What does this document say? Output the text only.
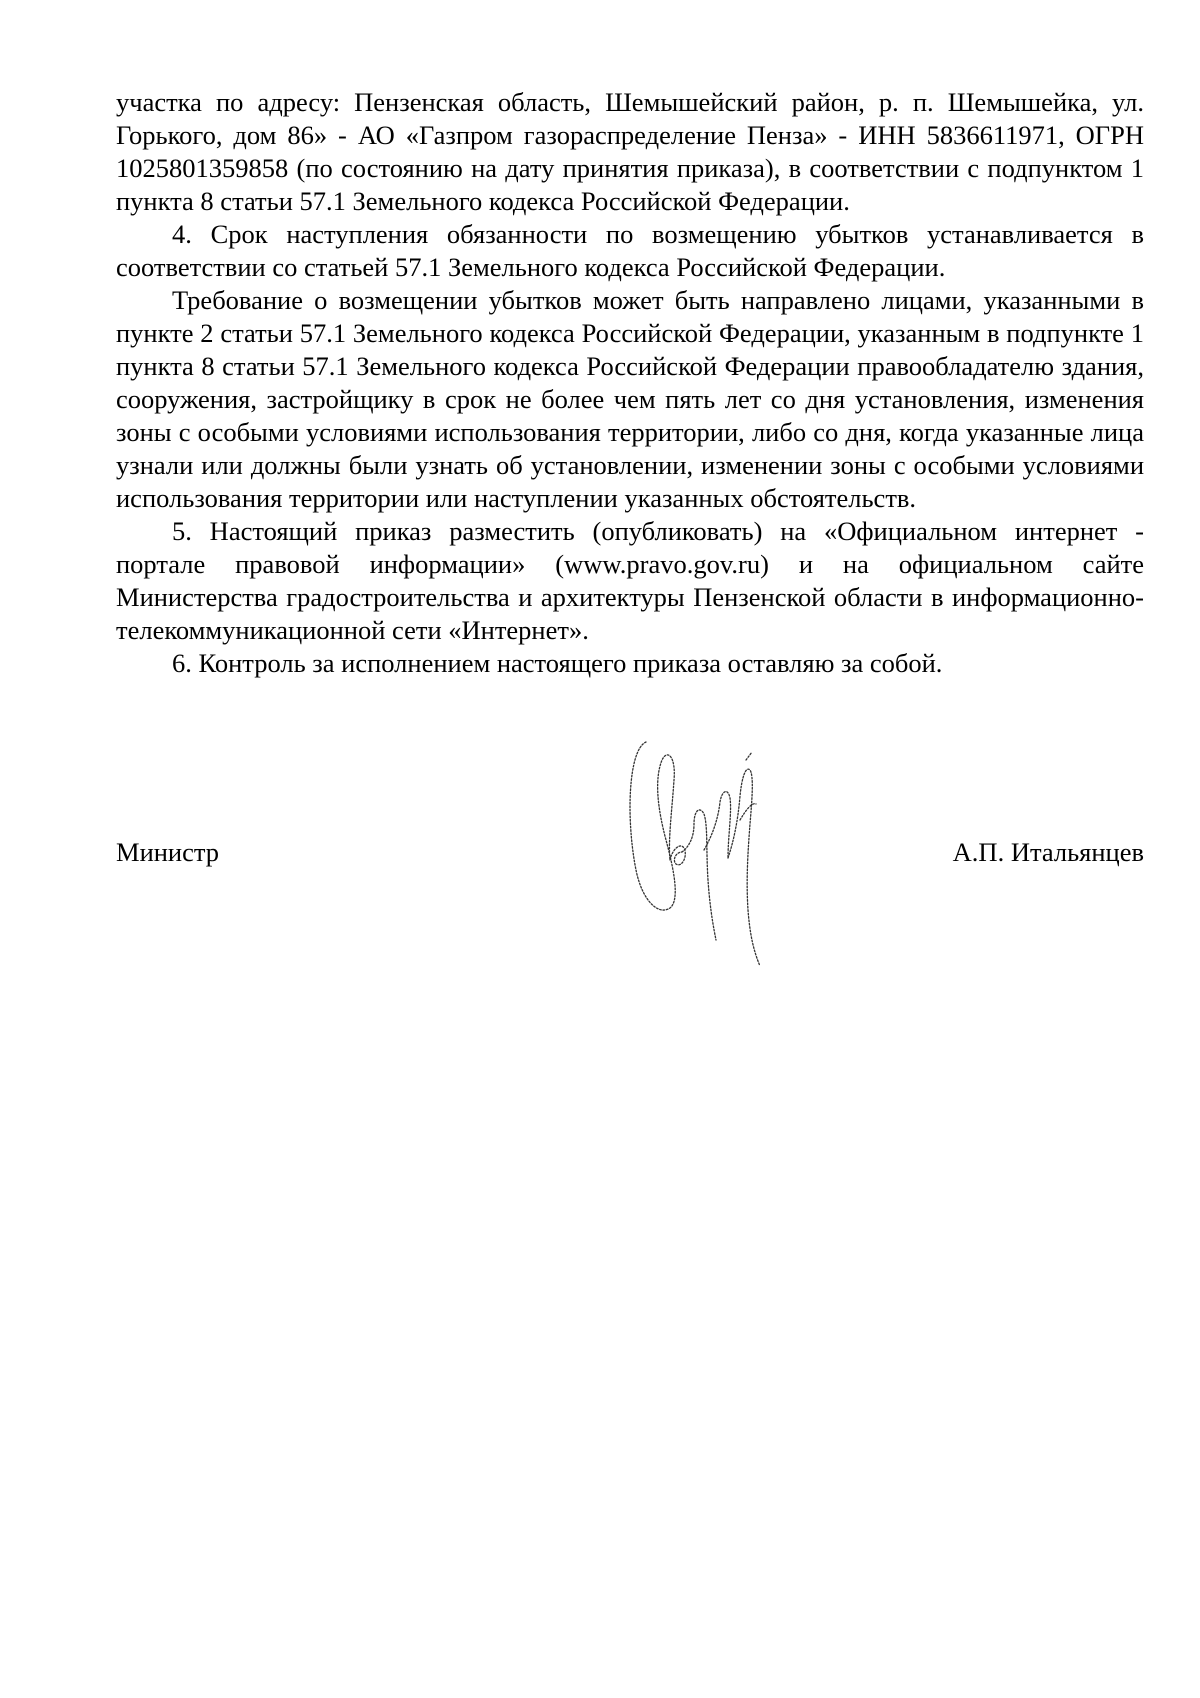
участка по адресу: Пензенская область, Шемышейский район, р. п. Шемышейка, ул. Горького, дом 86» - АО «Газпром газораспределение Пенза» - ИНН 5836611971, ОГРН 1025801359858 (по состоянию на дату принятия приказа), в соответствии с подпунктом 1 пункта 8 статьи 57.1 Земельного кодекса Российской Федерации.

4. Срок наступления обязанности по возмещению убытков устанавливается в соответствии со статьей 57.1 Земельного кодекса Российской Федерации.

Требование о возмещении убытков может быть направлено лицами, указанными в пункте 2 статьи 57.1 Земельного кодекса Российской Федерации, указанным в подпункте 1 пункта 8 статьи 57.1 Земельного кодекса Российской Федерации правообладателю здания, сооружения, застройщику в срок не более чем пять лет со дня установления, изменения зоны с особыми условиями использования территории, либо со дня, когда указанные лица узнали или должны были узнать об установлении, изменении зоны с особыми условиями использования территории или наступлении указанных обстоятельств.

5. Настоящий приказ разместить (опубликовать) на «Официальном интернет - портале правовой информации» (www.pravo.gov.ru) и на официальном сайте Министерства градостроительства и архитектуры Пензенской области в информационно-телекоммуникационной сети «Интернет».

6. Контроль за исполнением настоящего приказа оставляю за собой.

Министр	А.П. Итальянцев
